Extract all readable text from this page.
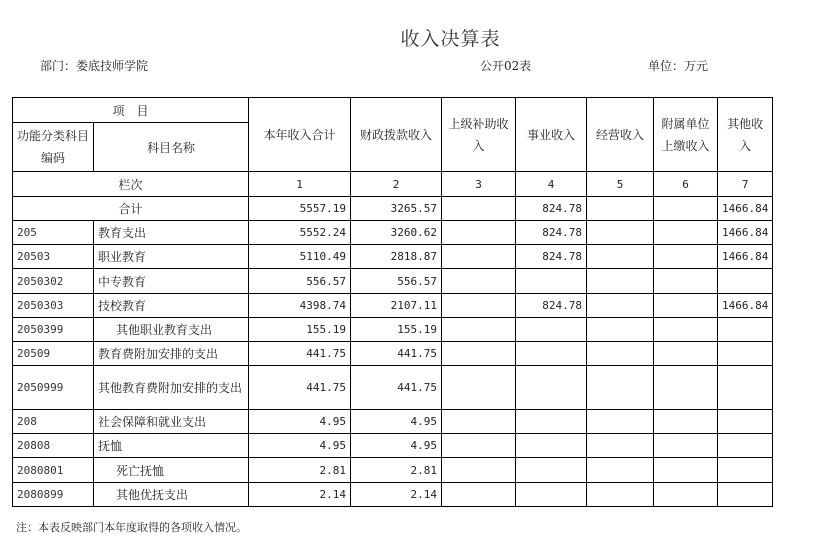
收入决算表
部门：娄底技师学院	公开02表	单位：万元
项　目		本年收入合计	财政拨款收入	上级补助收入	事业收入	经营收入	附属单位上缴收入	其他收入
功能分类科目编码	科目名称							
栏次		1	2	3	4	5	6	7
合计		5557.19	3265.57		824.78			1466.84
205	教育支出	5552.24	3260.62		824.78			1466.84
20503	职业教育	5110.49	2818.87		824.78			1466.84
2050302	中专教育	556.57	556.57					
2050303	技校教育	4398.74	2107.11		824.78			1466.84
2050399	其他职业教育支出	155.19	155.19					
20509	教育费附加安排的支出	441.75	441.75					
2050999	其他教育费附加安排的支出	441.75	441.75					
208	社会保障和就业支出	4.95	4.95					
20808	抚恤	4.95	4.95					
2080801	死亡抚恤	2.81	2.81					
2080899	其他优抚支出	2.14	2.14					
注：本表反映部门本年度取得的各项收入情况。
